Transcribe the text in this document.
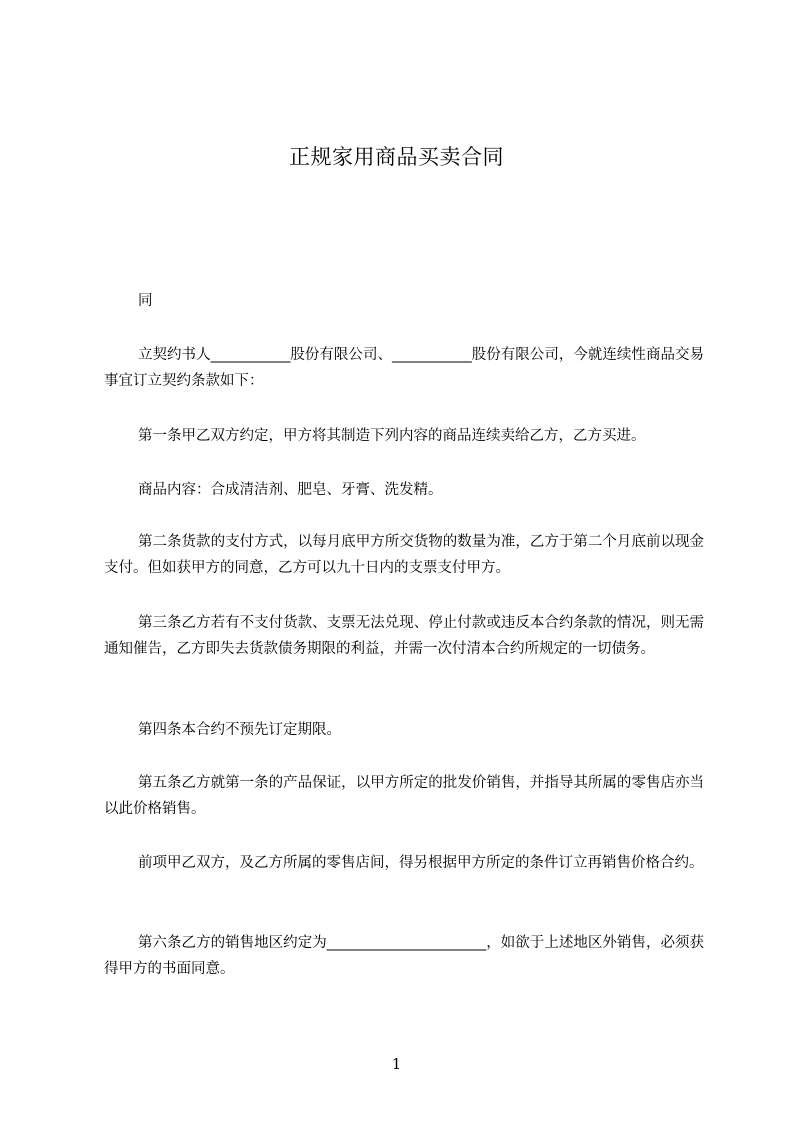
正规家用商品买卖合同
同
立契约书人___________股份有限公司、___________股份有限公司，今就连续性商品交易事宜订立契约条款如下：
第一条甲乙双方约定，甲方将其制造下列内容的商品连续卖给乙方，乙方买进。
商品内容：合成清洁剂、肥皂、牙膏、洗发精。
第二条货款的支付方式，以每月底甲方所交货物的数量为准，乙方于第二个月底前以现金支付。但如获甲方的同意，乙方可以九十日内的支票支付甲方。
第三条乙方若有不支付货款、支票无法兑现、停止付款或违反本合约条款的情况，则无需通知催告，乙方即失去货款债务期限的利益，并需一次付清本合约所规定的一切债务。
第四条本合约不预先订定期限。
第五条乙方就第一条的产品保证，以甲方所定的批发价销售，并指导其所属的零售店亦当以此价格销售。
前项甲乙双方，及乙方所属的零售店间，得另根据甲方所定的条件订立再销售价格合约。
第六条乙方的销售地区约定为______________________，如欲于上述地区外销售，必须获得甲方的书面同意。
1
